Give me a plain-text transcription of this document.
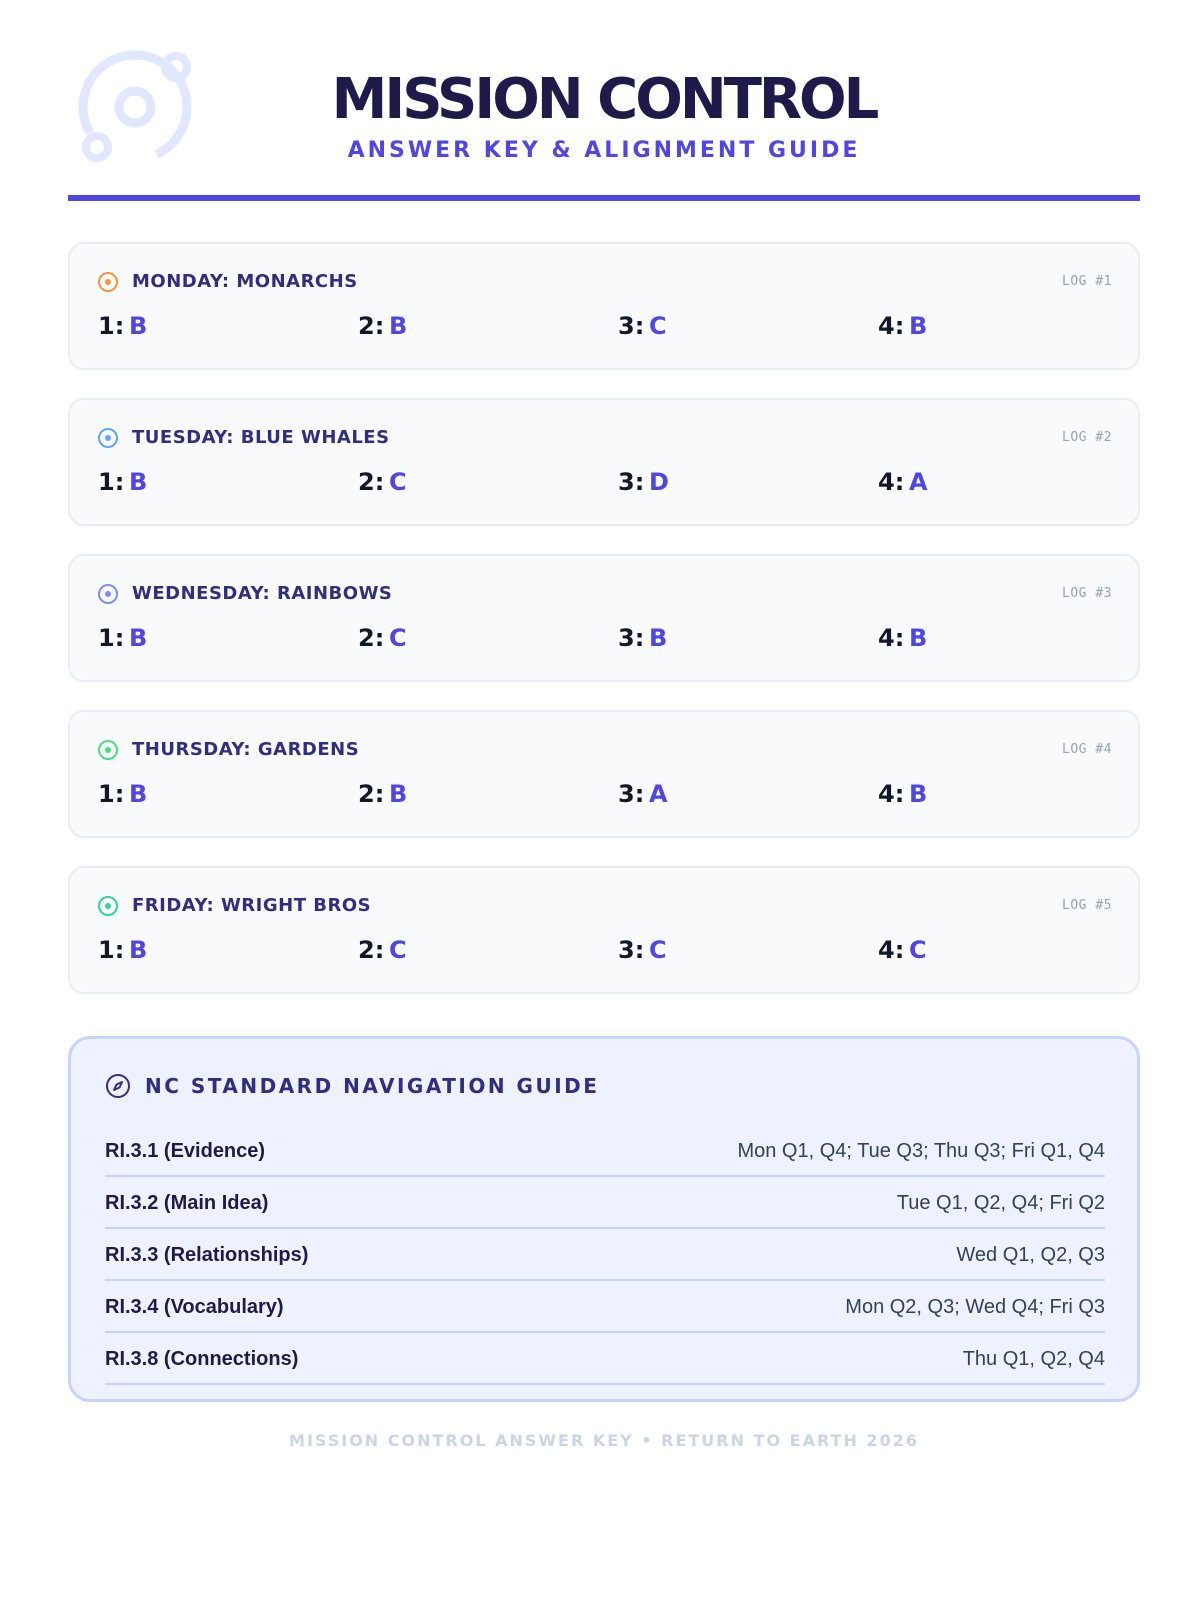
MISSION CONTROL
ANSWER KEY & ALIGNMENT GUIDE
MONDAY: MONARCHS	LOG #1
1: B	2: B	3: C	4: B
TUESDAY: BLUE WHALES	LOG #2
1: B	2: C	3: D	4: A
WEDNESDAY: RAINBOWS	LOG #3
1: B	2: C	3: B	4: B
THURSDAY: GARDENS	LOG #4
1: B	2: B	3: A	4: B
FRIDAY: WRIGHT BROS	LOG #5
1: B	2: C	3: C	4: C
NC STANDARD NAVIGATION GUIDE
RI.3.1 (Evidence)	Mon Q1, Q4; Tue Q3; Thu Q3; Fri Q1, Q4
RI.3.2 (Main Idea)	Tue Q1, Q2, Q4; Fri Q2
RI.3.3 (Relationships)	Wed Q1, Q2, Q3
RI.3.4 (Vocabulary)	Mon Q2, Q3; Wed Q4; Fri Q3
RI.3.8 (Connections)	Thu Q1, Q2, Q4
MISSION CONTROL ANSWER KEY • RETURN TO EARTH 2026
